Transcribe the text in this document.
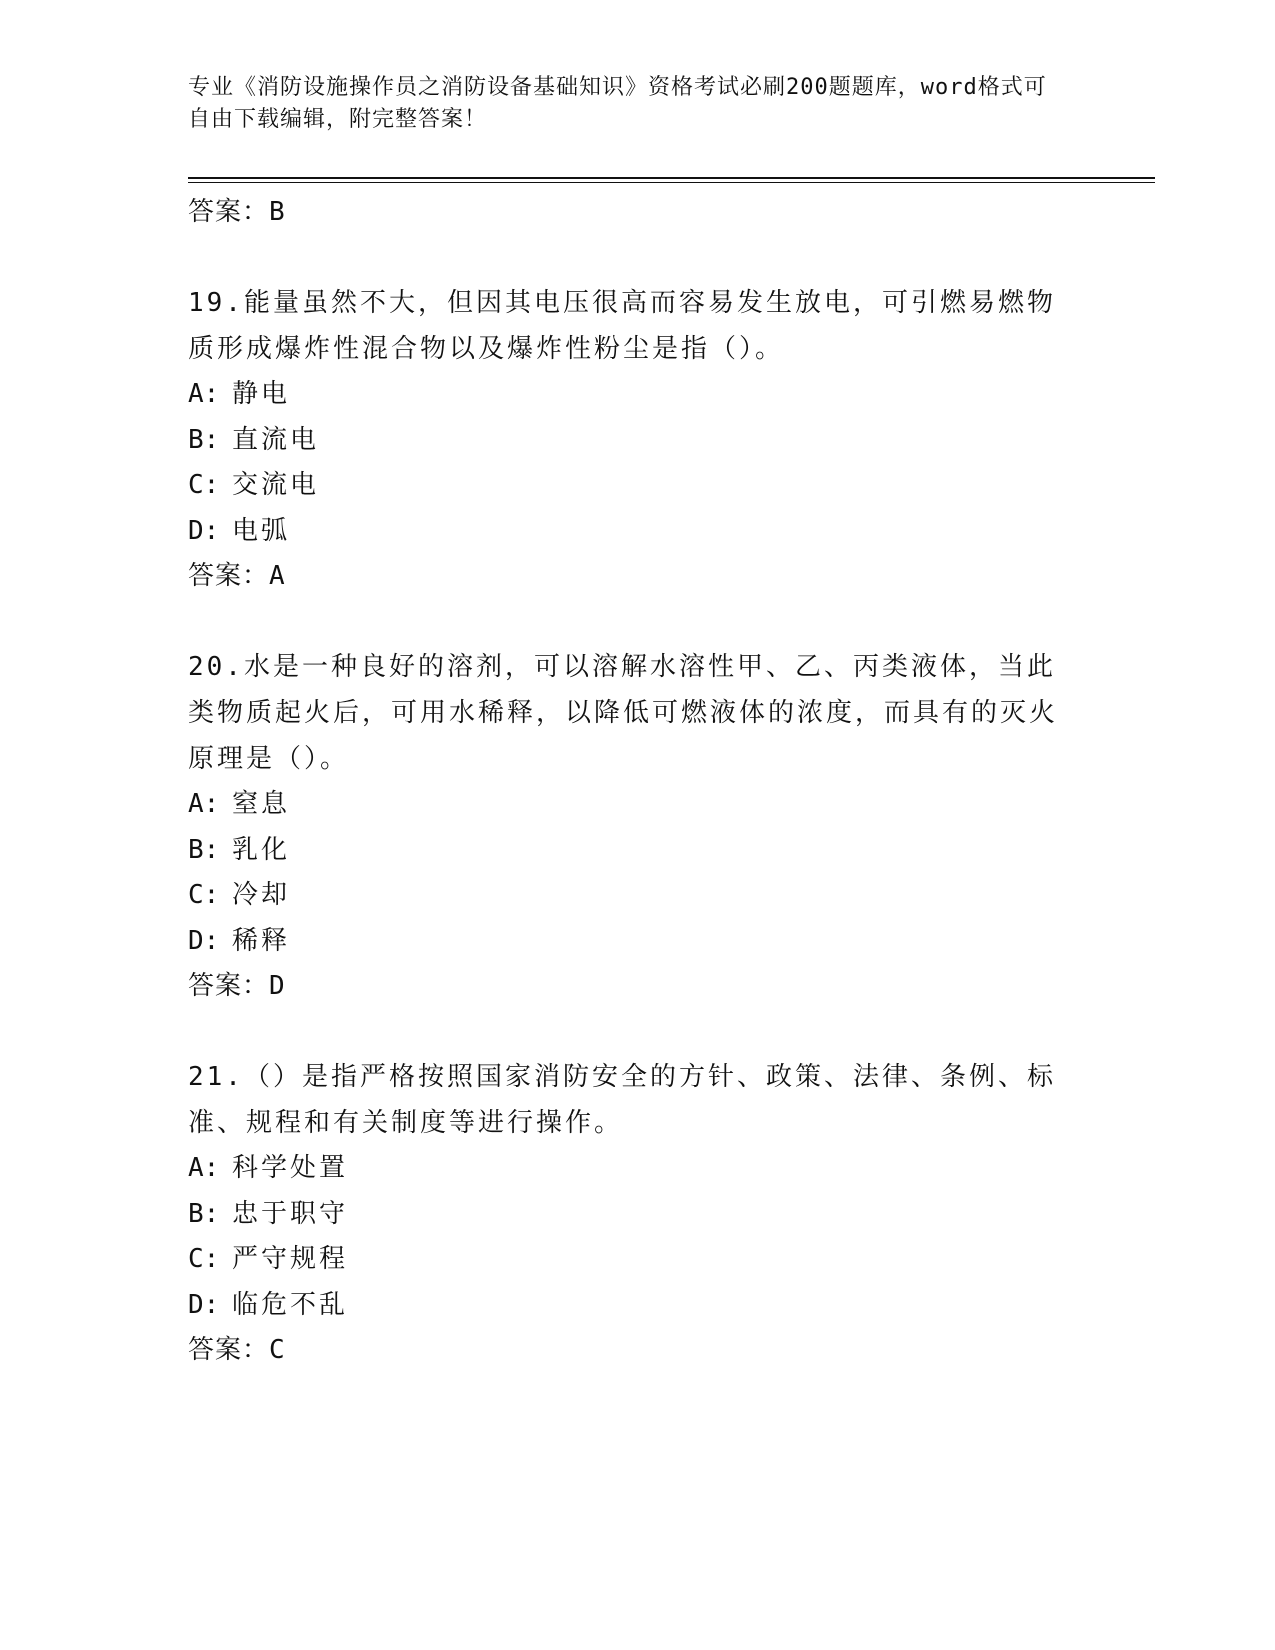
专业《消防设施操作员之消防设备基础知识》资格考试必刷200题题库，word格式可自由下载编辑，附完整答案！

答案：B

19.能量虽然不大，但因其电压很高而容易发生放电，可引燃易燃物质形成爆炸性混合物以及爆炸性粉尘是指（）。

A: 静电

B: 直流电

C: 交流电

D: 电弧

答案：A

20.水是一种良好的溶剂，可以溶解水溶性甲、乙、丙类液体，当此类物质起火后，可用水稀释，以降低可燃液体的浓度，而具有的灭火原理是（）。

A: 窒息

B: 乳化

C: 冷却

D: 稀释

答案：D

21.（）是指严格按照国家消防安全的方针、政策、法律、条例、标准、规程和有关制度等进行操作。

A: 科学处置

B: 忠于职守

C: 严守规程

D: 临危不乱

答案：C
